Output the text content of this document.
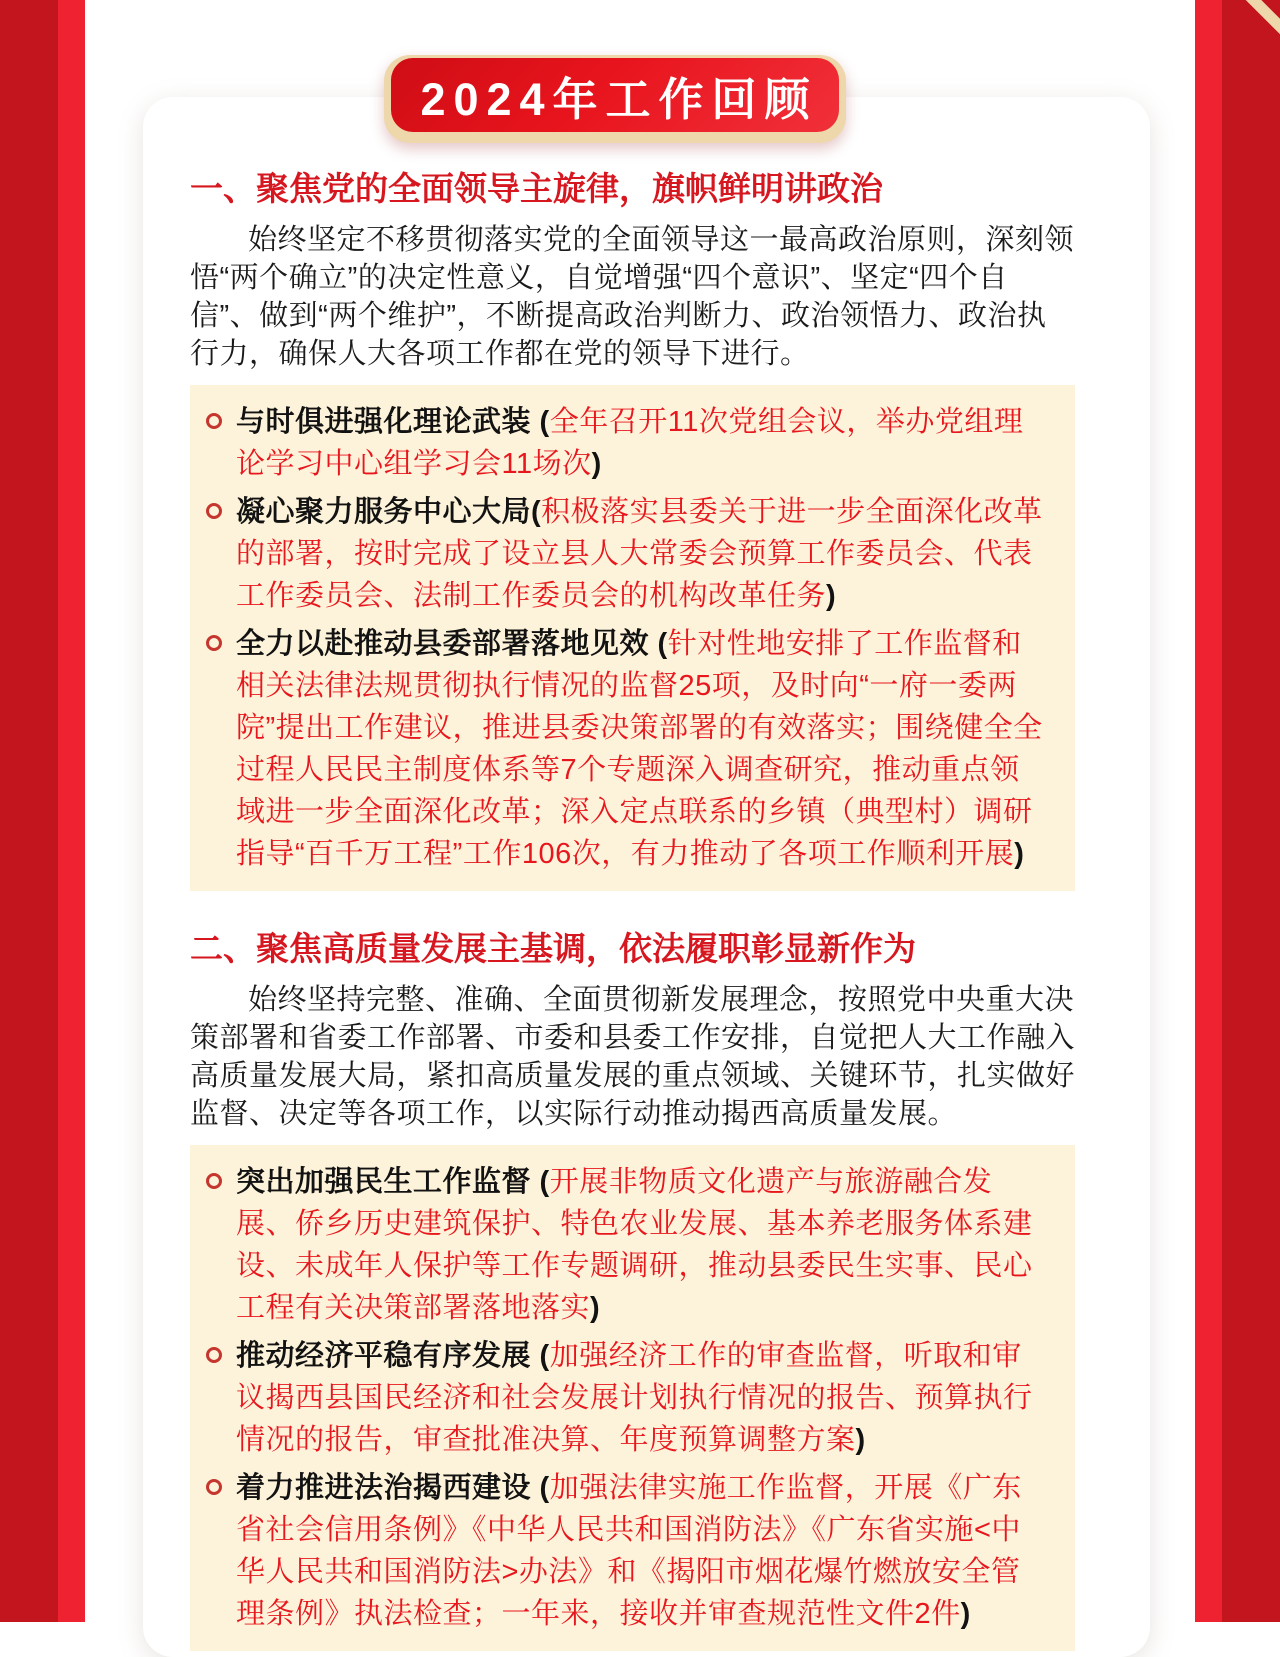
2024年工作回顾
一、聚焦党的全面领导主旋律，旗帜鲜明讲政治

始终坚定不移贯彻落实党的全面领导这一最高政治原则，深刻领悟“两个确立”的决定性意义，自觉增强“四个意识”、坚定“四个自信”、做到“两个维护”，不断提高政治判断力、政治领悟力、政治执行力，确保人大各项工作都在党的领导下进行。

与时俱进强化理论武装 (全年召开11次党组会议，举办党组理论学习中心组学习会11场次)
凝心聚力服务中心大局(积极落实县委关于进一步全面深化改革的部署，按时完成了设立县人大常委会预算工作委员会、代表工作委员会、法制工作委员会的机构改革任务)
全力以赴推动县委部署落地见效 (针对性地安排了工作监督和相关法律法规贯彻执行情况的监督25项，及时向“一府一委两院”提出工作建议，推进县委决策部署的有效落实；围绕健全全过程人民民主制度体系等7个专题深入调查研究，推动重点领域进一步全面深化改革；深入定点联系的乡镇（典型村）调研指导“百千万工程”工作106次，有力推动了各项工作顺利开展)
二、聚焦高质量发展主基调，依法履职彰显新作为

始终坚持完整、准确、全面贯彻新发展理念，按照党中央重大决策部署和省委工作部署、市委和县委工作安排，自觉把人大工作融入高质量发展大局，紧扣高质量发展的重点领域、关键环节，扎实做好监督、决定等各项工作，以实际行动推动揭西高质量发展。

突出加强民生工作监督 (开展非物质文化遗产与旅游融合发展、侨乡历史建筑保护、特色农业发展、基本养老服务体系建设、未成年人保护等工作专题调研，推动县委民生实事、民心工程有关决策部署落地落实)
推动经济平稳有序发展 (加强经济工作的审查监督，听取和审议揭西县国民经济和社会发展计划执行情况的报告、预算执行情况的报告，审查批准决算、年度预算调整方案)
着力推进法治揭西建设 (加强法律实施工作监督，开展《广东省社会信用条例》《中华人民共和国消防法》《广东省实施<中华人民共和国消防法>办法》和《揭阳市烟花爆竹燃放安全管理条例》执法检查；一年来，接收并审查规范性文件2件)
